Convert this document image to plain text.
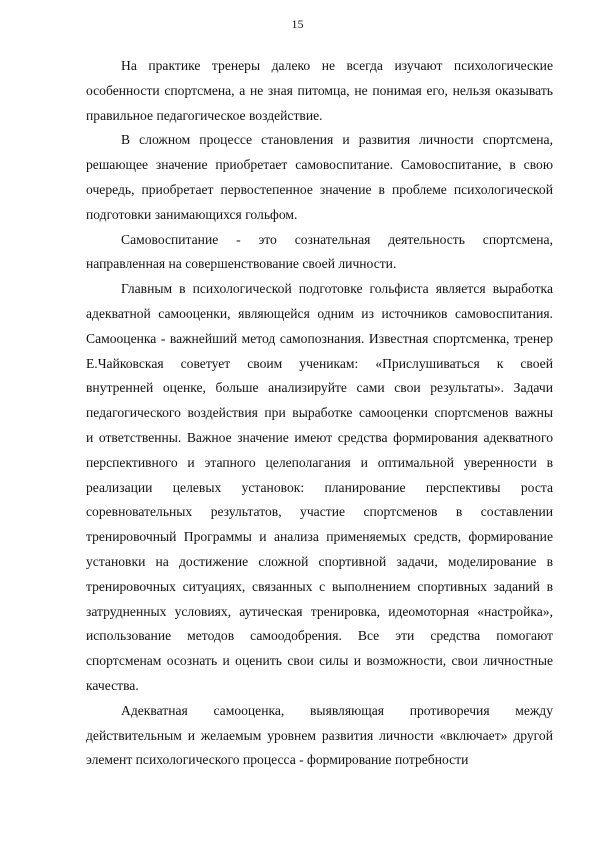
15
На практике тренеры далеко не всегда изучают психологические
особенности спортсмена, а не зная питомца, не понимая его, нельзя оказывать
правильное педагогическое воздействие.
В сложном процессе становления и развития личности спортсмена,
решающее значение приобретает самовоспитание. Самовоспитание, в свою
очередь, приобретает первостепенное значение в проблеме психологической
подготовки занимающихся гольфом.
Самовоспитание - это сознательная деятельность спортсмена,
направленная на совершенствование своей личности.
Главным в психологической подготовке гольфиста является выработка
адекватной самооценки, являющейся одним из источников самовоспитания.
Самооценка - важнейший метод самопознания. Известная спортсменка, тренер
Е.Чайковская советует своим ученикам: «Прислушиваться к своей
внутренней оценке, больше анализируйте сами свои результаты». Задачи
педагогического воздействия при выработке самооценки спортсменов важны
и ответственны. Важное значение имеют средства формирования адекватного
перспективного и этапного целеполагания и оптимальной уверенности в
реализации целевых установок: планирование перспективы роста
соревновательных результатов, участие спортсменов в составлении
тренировочный Программы и анализа применяемых средств, формирование
установки на достижение сложной спортивной задачи, моделирование в
тренировочных ситуациях, связанных с выполнением спортивных заданий в
затрудненных условиях, аутическая тренировка, идеомоторная «настройка»,
использование методов самоодобрения. Все эти средства помогают
спортсменам осознать и оценить свои силы и возможности, свои личностные
качества.
Адекватная самооценка, выявляющая противоречия между
действительным и желаемым уровнем развития личности «включает» другой
элемент психологического процесса - формирование потребности
